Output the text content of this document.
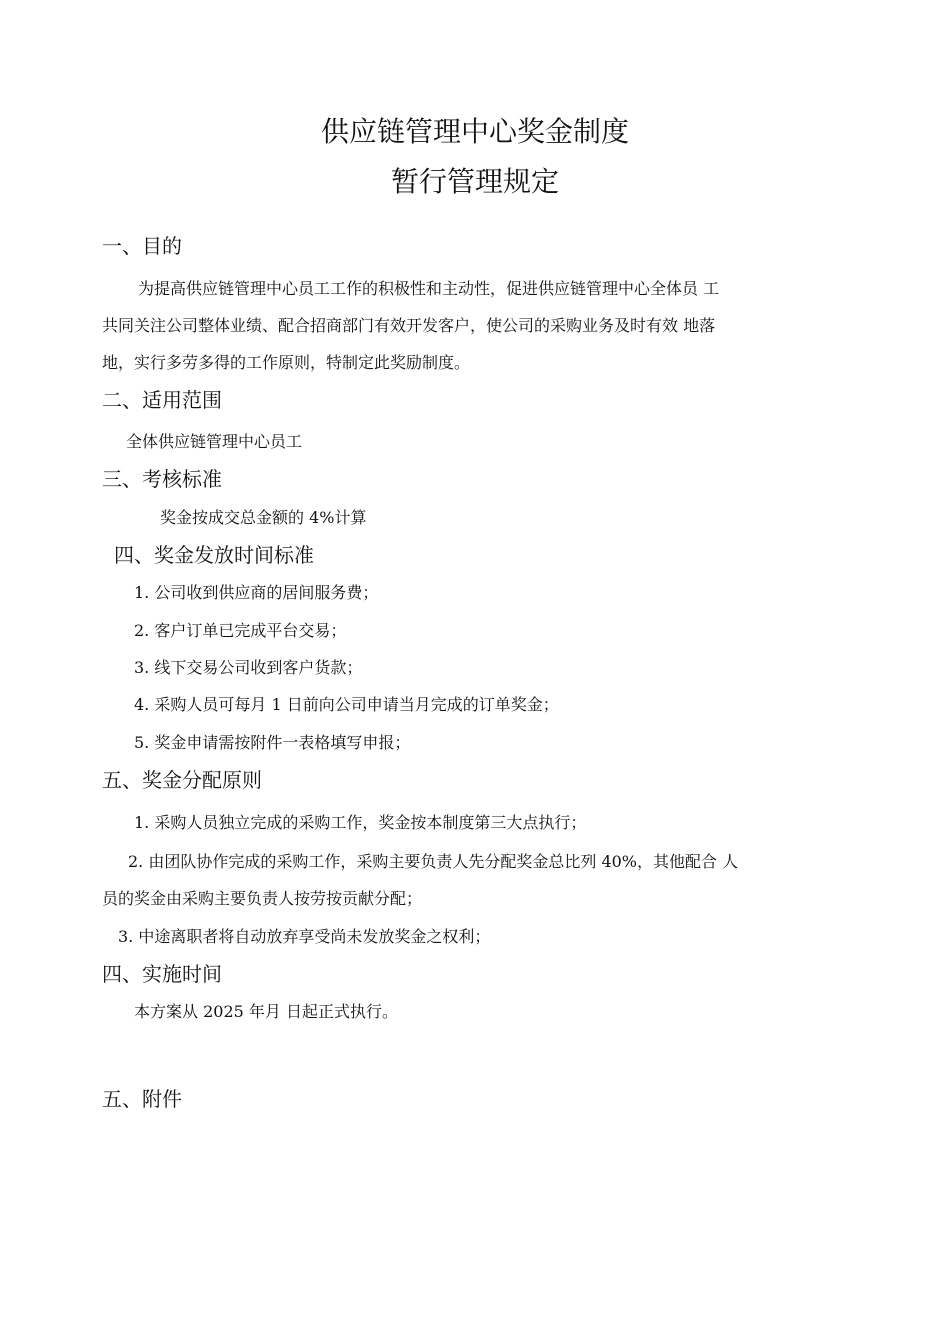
供应链管理中心奖金制度

暂行管理规定

一、目的

为提高供应链管理中心员工工作的积极性和主动性，促进供应链管理中心全体员 工

共同关注公司整体业绩、配合招商部门有效开发客户，使公司的采购业务及时有效 地落

地，实行多劳多得的工作原则，特制定此奖励制度。

二、适用范围

全体供应链管理中心员工

三、考核标准

奖金按成交总金额的 4%计算

四、奖金发放时间标准

1. 公司收到供应商的居间服务费；

2. 客户订单已完成平台交易；

3. 线下交易公司收到客户货款；

4. 采购人员可每月 1 日前向公司申请当月完成的订单奖金；

5. 奖金申请需按附件一表格填写申报；

五、奖金分配原则

1. 采购人员独立完成的采购工作，奖金按本制度第三大点执行；

2. 由团队协作完成的采购工作，采购主要负责人先分配奖金总比列 40%，其他配合 人

员的奖金由采购主要负责人按劳按贡献分配；

3. 中途离职者将自动放弃享受尚未发放奖金之权利；

四、实施时间

本方案从 2025 年月 日起正式执行。

五、附件
